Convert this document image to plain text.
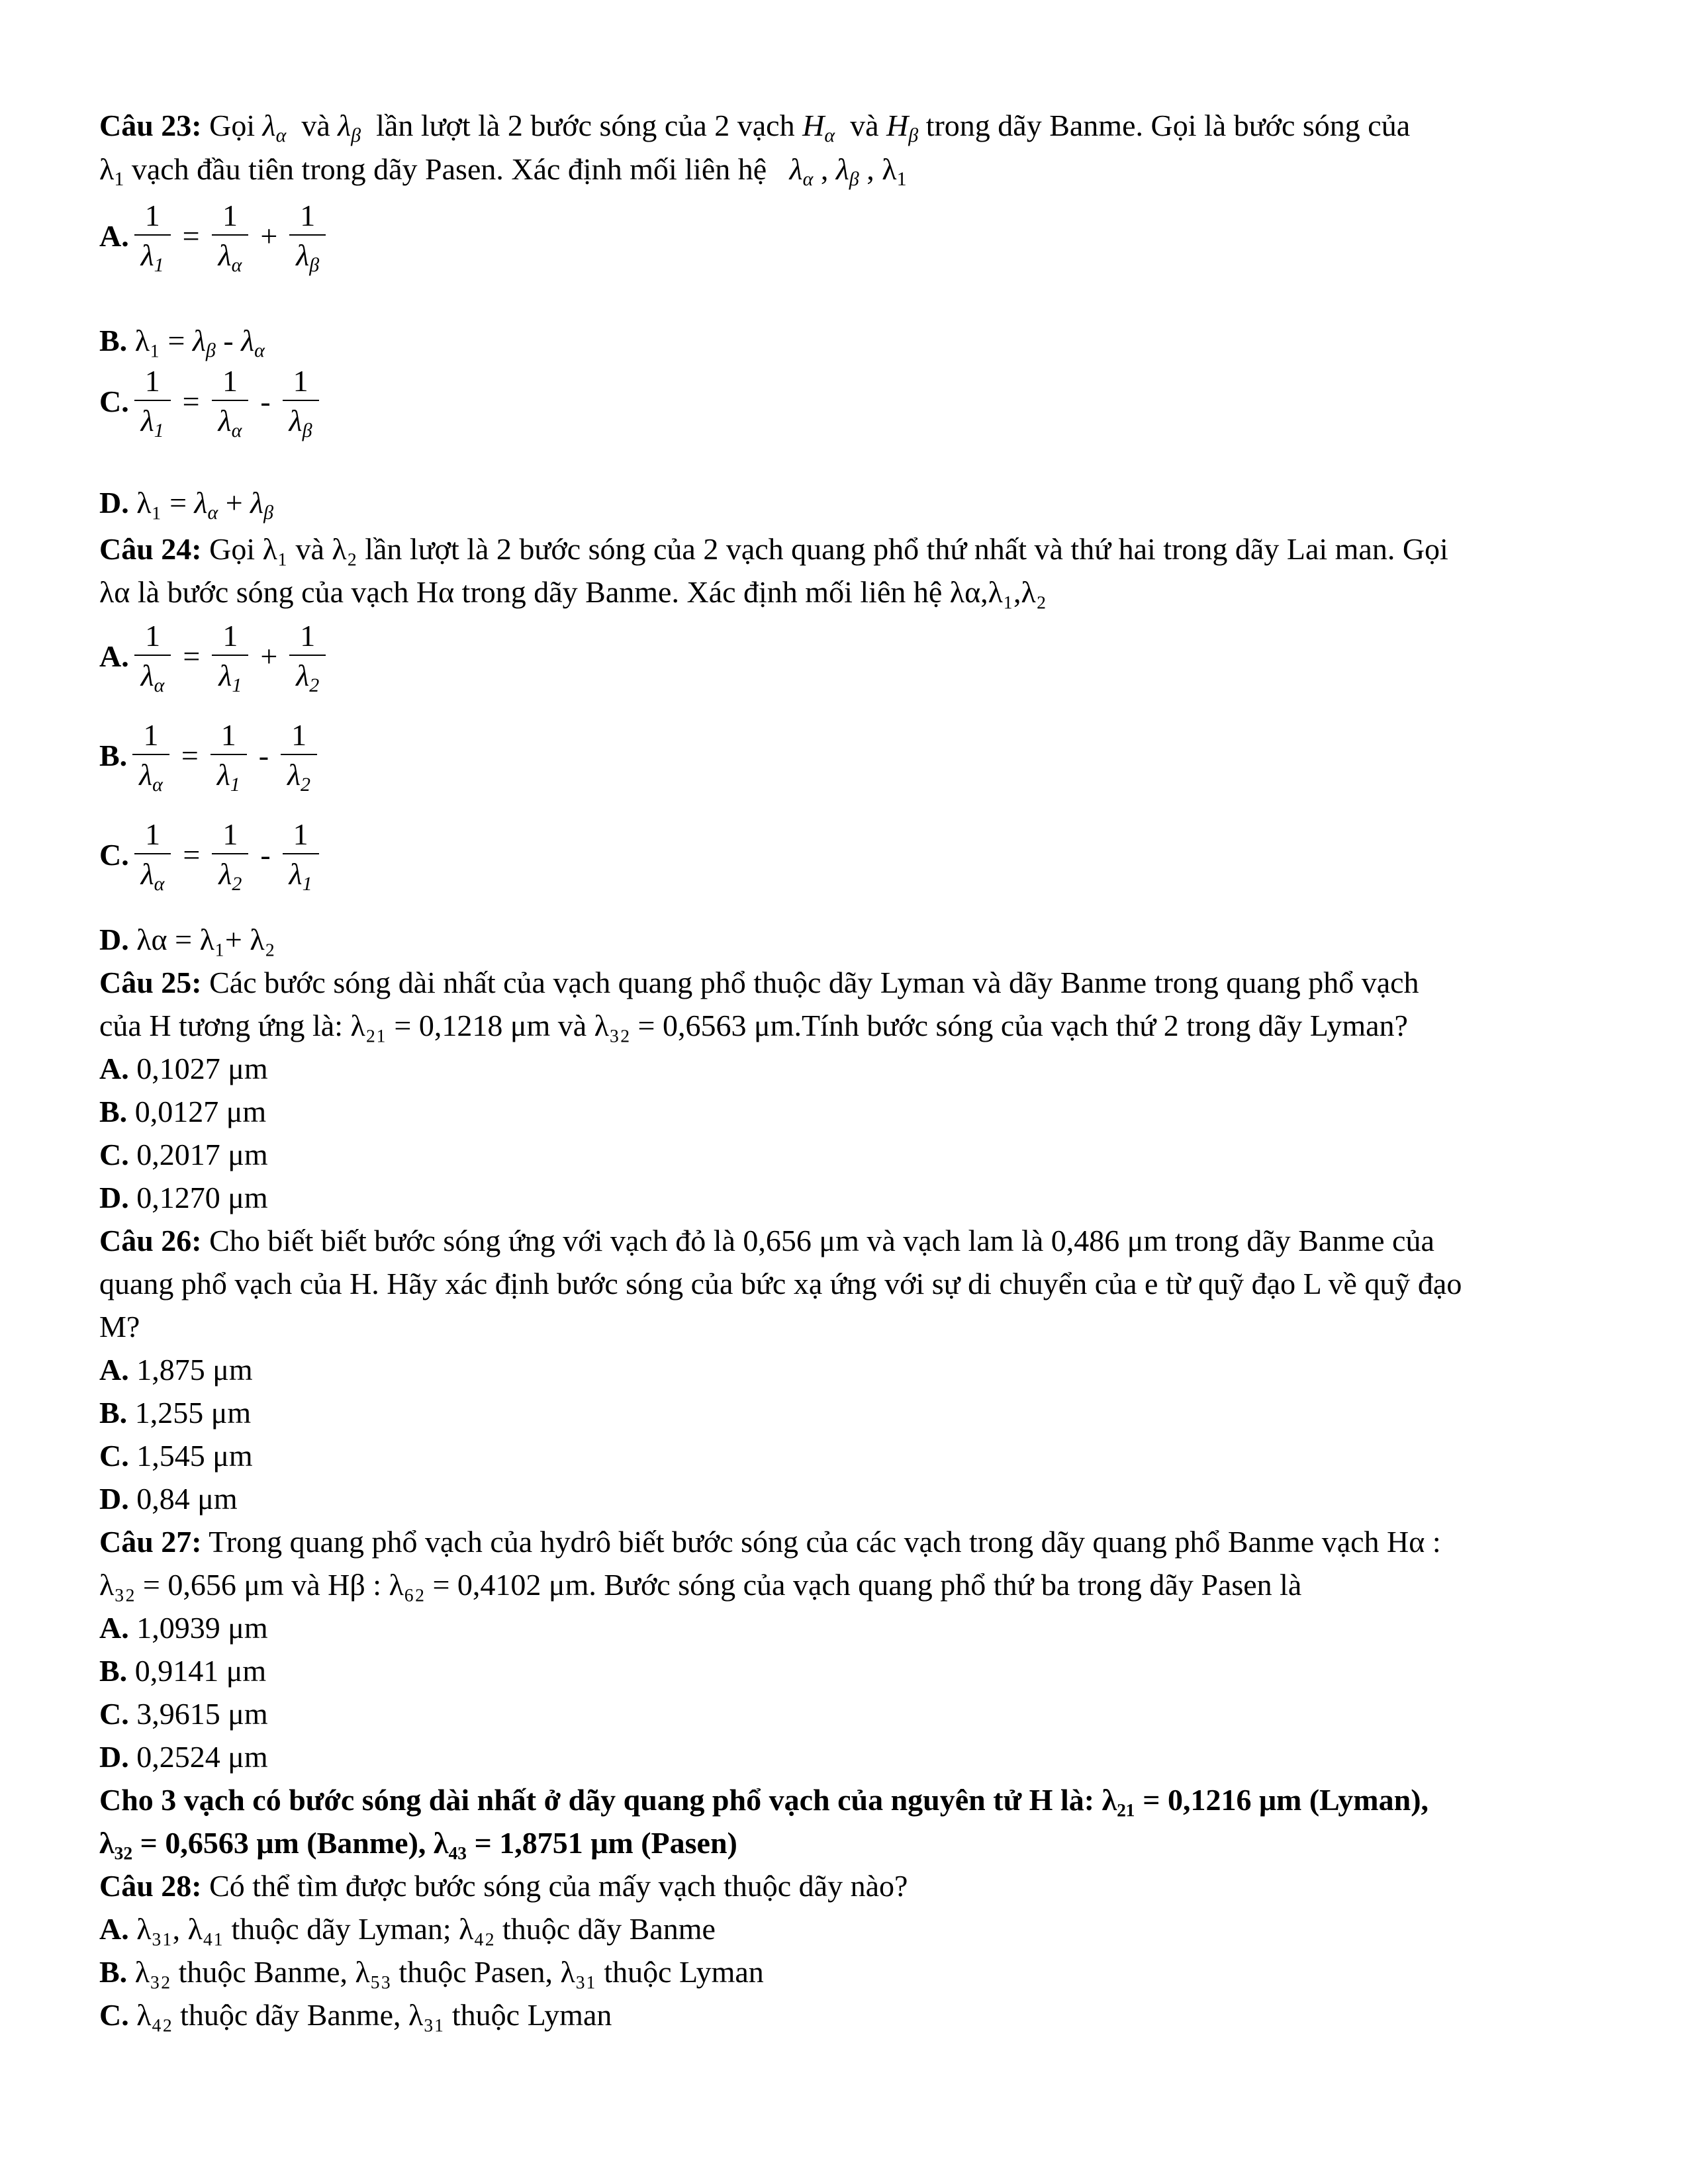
Câu 23: Gọi $\lambda_\alpha$ và $\lambda_\beta$ lần lượt là 2 bước sóng của 2 vạch $H_\alpha$ và $H_\beta$ trong dãy Banme. Gọi là bước sóng của
$\lambda_1$ vạch đầu tiên trong dãy Pasen. Xác định mối liên hệ $\lambda_\alpha$ , $\lambda_\beta$ , $\lambda_1$
A. $\frac{1}{\lambda_1} = \frac{1}{\lambda_\alpha} + \frac{1}{\lambda_\beta}$
B. $\lambda_1 = \lambda_\beta - \lambda_\alpha$
C. $\frac{1}{\lambda_1} = \frac{1}{\lambda_\alpha} - \frac{1}{\lambda_\beta}$
D. $\lambda_1 = \lambda_\alpha + \lambda_\beta$
Câu 24: Gọi λ₁ và λ₂ lần lượt là 2 bước sóng của 2 vạch quang phổ thứ nhất và thứ hai trong dãy Lai man. Gọi
λα là bước sóng của vạch Hα trong dãy Banme. Xác định mối liên hệ λα,λ₁,λ₂
A. $\frac{1}{\lambda_\alpha} = \frac{1}{\lambda_1} + \frac{1}{\lambda_2}$
B. $\frac{1}{\lambda_\alpha} = \frac{1}{\lambda_1} - \frac{1}{\lambda_2}$
C. $\frac{1}{\lambda_\alpha} = \frac{1}{\lambda_2} - \frac{1}{\lambda_1}$
D. λα = λ₁+ λ₂
Câu 25: Các bước sóng dài nhất của vạch quang phổ thuộc dãy Lyman và dãy Banme trong quang phổ vạch
của H tương ứng là: λ₂₁ = 0,1218 μm và λ₃₂ = 0,6563 μm.Tính bước sóng của vạch thứ 2 trong dãy Lyman?
A. 0,1027 μm
B. 0,0127 μm
C. 0,2017 μm
D. 0,1270 μm
Câu 26: Cho biết biết bước sóng ứng với vạch đỏ là 0,656 μm và vạch lam là 0,486 μm trong dãy Banme của
quang phổ vạch của H. Hãy xác định bước sóng của bức xạ ứng với sự di chuyển của e từ quỹ đạo L về quỹ đạo
M?
A. 1,875 μm
B. 1,255 μm
C. 1,545 μm
D. 0,84 μm
Câu 27: Trong quang phổ vạch của hydrô biết bước sóng của các vạch trong dãy quang phổ Banme vạch Hα :
λ₃₂ = 0,656 μm và Hβ : λ₆₂ = 0,4102 μm. Bước sóng của vạch quang phổ thứ ba trong dãy Pasen là
A. 1,0939 μm
B. 0,9141 μm
C. 3,9615 μm
D. 0,2524 μm
Cho 3 vạch có bước sóng dài nhất ở dãy quang phổ vạch của nguyên tử H là: λ₂₁ = 0,1216 μm (Lyman),
λ₃₂ = 0,6563 μm (Banme), λ₄₃ = 1,8751 μm (Pasen)
Câu 28: Có thể tìm được bước sóng của mấy vạch thuộc dãy nào?
A. λ₃₁, λ₄₁ thuộc dãy Lyman; λ₄₂ thuộc dãy Banme
B. λ₃₂ thuộc Banme, λ₅₃ thuộc Pasen, λ₃₁ thuộc Lyman
C. λ₄₂ thuộc dãy Banme, λ₃₁ thuộc Lyman
